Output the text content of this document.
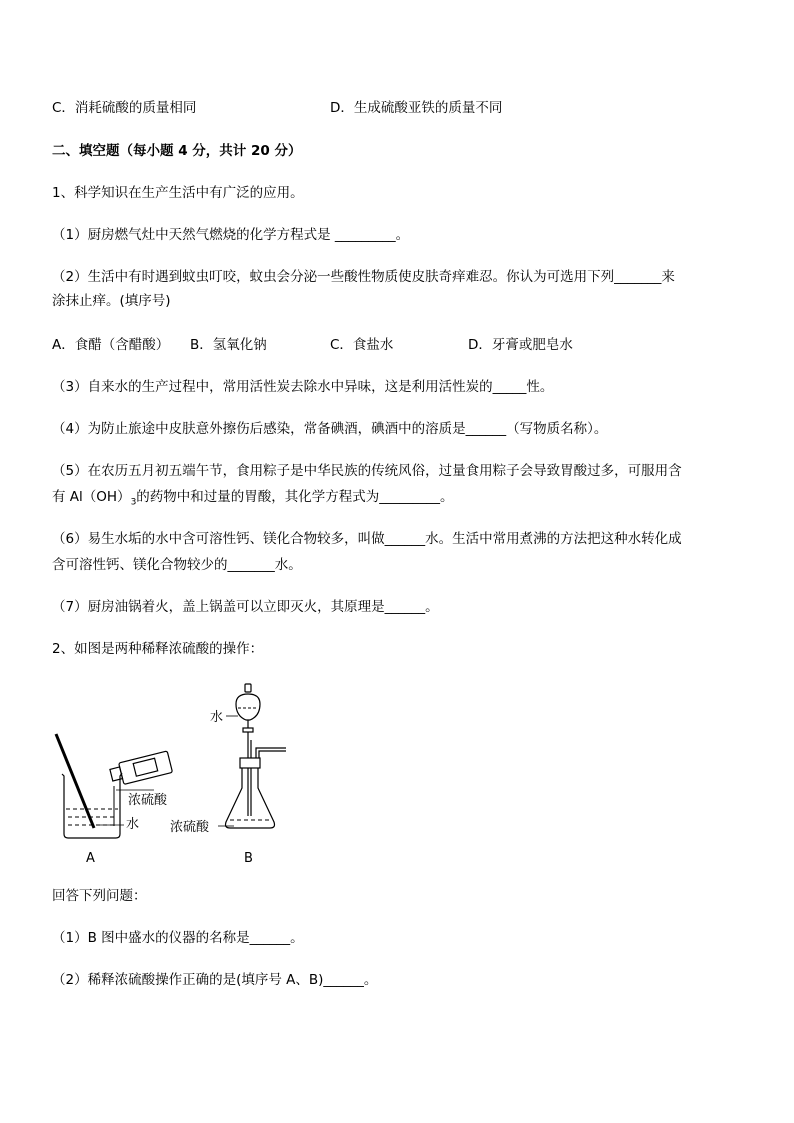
C．消耗硫酸的质量相同	D．生成硫酸亚铁的质量不同
二、填空题（每小题 4 分，共计 20 分）
1、科学知识在生产生活中有广泛的应用。
（1）厨房燃气灶中天然气燃烧的化学方程式是 _________。
（2）生活中有时遇到蚊虫叮咬，蚊虫会分泌一些酸性物质使皮肤奇痒难忍。你认为可选用下列_______来
涂抹止痒。(填序号)
A．食醋（含醋酸） B．氢氧化钠	C．食盐水	D．牙膏或肥皂水
（3）自来水的生产过程中，常用活性炭去除水中异味，这是利用活性炭的_____性。
（4）为防止旅途中皮肤意外擦伤后感染，常备碘酒，碘酒中的溶质是______（写物质名称）。
（5）在农历五月初五端午节，食用粽子是中华民族的传统风俗，过量食用粽子会导致胃酸过多，可服用含
有 $Al(OH)_3$的药物中和过量的胃酸，其化学方程式为_________。
（6）易生水垢的水中含可溶性钙、镁化合物较多，叫做______水。生活中常用煮沸的方法把这种水转化成
含可溶性钙、镁化合物较少的_______水。
（7）厨房油锅着火，盖上锅盖可以立即灭火，其原理是______。
2、如图是两种稀释浓硫酸的操作：
浓硫酸
水
A
水
浓硫酸
B
回答下列问题：
（1）B 图中盛水的仪器的名称是______。
（2）稀释浓硫酸操作正确的是(填序号 A、B)______。
